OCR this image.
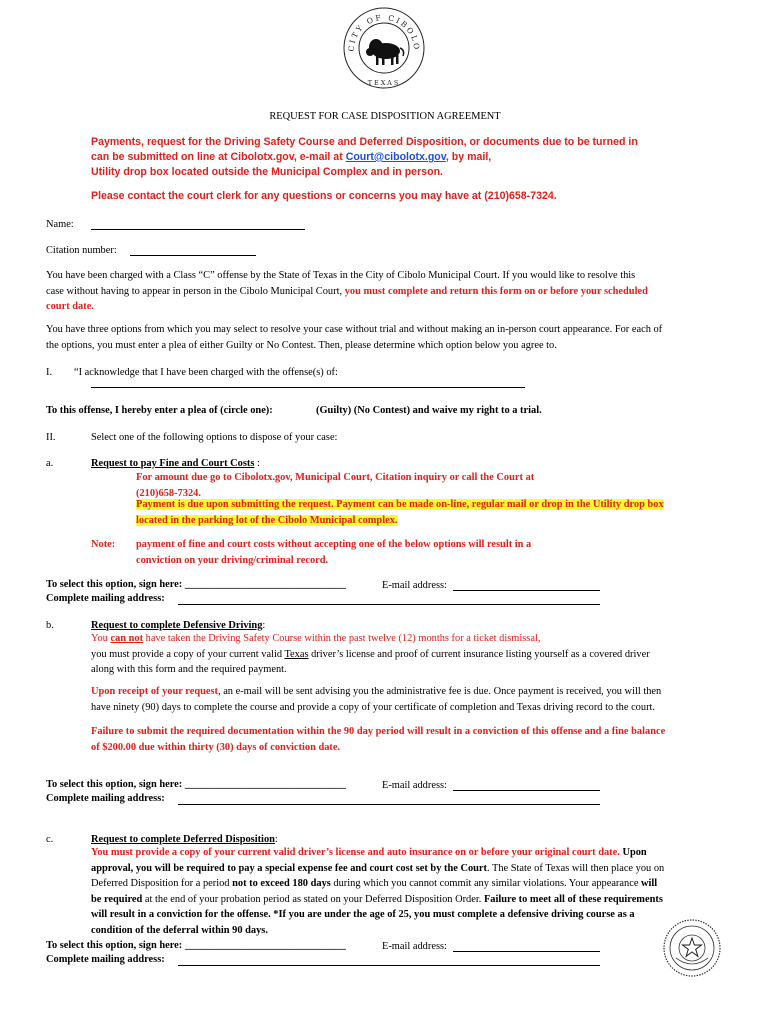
CITY OF CIBOLO
TEXAS
REQUEST FOR CASE DISPOSITION AGREEMENT
Payments, request for the Driving Safety Course and Deferred Disposition, or documents due to be turned in
can be submitted on line at Cibolotx.gov, e-mail at Court@cibolotx.gov, by mail,
Utility drop box located outside the Municipal Complex and in person.
Please contact the court clerk for any questions or concerns you may have at (210)658-7324.
Name:
Citation number:
You have been charged with a Class “C” offense by the State of Texas in the City of Cibolo Municipal Court. If you would like to resolve this
case without having to appear in person in the Cibolo Municipal Court, you must complete and return this form on or before your scheduled
court date.
You have three options from which you may select to resolve your case without trial and without making an in-person court appearance. For each of
the options, you must enter a plea of either Guilty or No Contest. Then, please determine which option below you agree to.
I. “I acknowledge that I have been charged with the offense(s) of:
To this offense, I hereby enter a plea of (circle one):	(Guilty) (No Contest) and waive my right to a trial.
II.	Select one of the following options to dispose of your case:
a.	Request to pay Fine and Court Costs :
For amount due go to Cibolotx.gov, Municipal Court, Citation inquiry or call the Court at
(210)658-7324.
Payment is due upon submitting the request. Payment can be made on-line, regular mail or drop in the Utility drop box
located in the parking lot of the Cibolo Municipal complex.
Note: payment of fine and court costs without accepting one of the below options will result in a
conviction on your driving/criminal record.
To select this option, sign here: _______________________________	E-mail address:
Complete mailing address:
b.	Request to complete Defensive Driving:
You can not have taken the Driving Safety Course within the past twelve (12) months for a ticket dismissal,
you must provide a copy of your current valid Texas driver’s license and proof of current insurance listing yourself as a covered driver
along with this form and the required payment.
Upon receipt of your request, an e-mail will be sent advising you the administrative fee is due. Once payment is received, you will then
have ninety (90) days to complete the course and provide a copy of your certificate of completion and Texas driving record to the court.
Failure to submit the required documentation within the 90 day period will result in a conviction of this offense and a fine balance
of $200.00 due within thirty (30) days of conviction date.
To select this option, sign here: _______________________________	E-mail address:
Complete mailing address:
c.	Request to complete Deferred Disposition:
You must provide a copy of your current valid driver’s license and auto insurance on or before your original court date. Upon
approval, you will be required to pay a special expense fee and court cost set by the Court. The State of Texas will then place you on
Deferred Disposition for a period not to exceed 180 days during which you cannot commit any similar violations. Your appearance will
be required at the end of your probation period as stated on your Deferred Disposition Order. Failure to meet all of these requirements
will result in a conviction for the offense. *If you are under the age of 25, you must complete a defensive driving course as a
condition of the deferral within 90 days.
To select this option, sign here: _______________________________	E-mail address:
Complete mailing address:
